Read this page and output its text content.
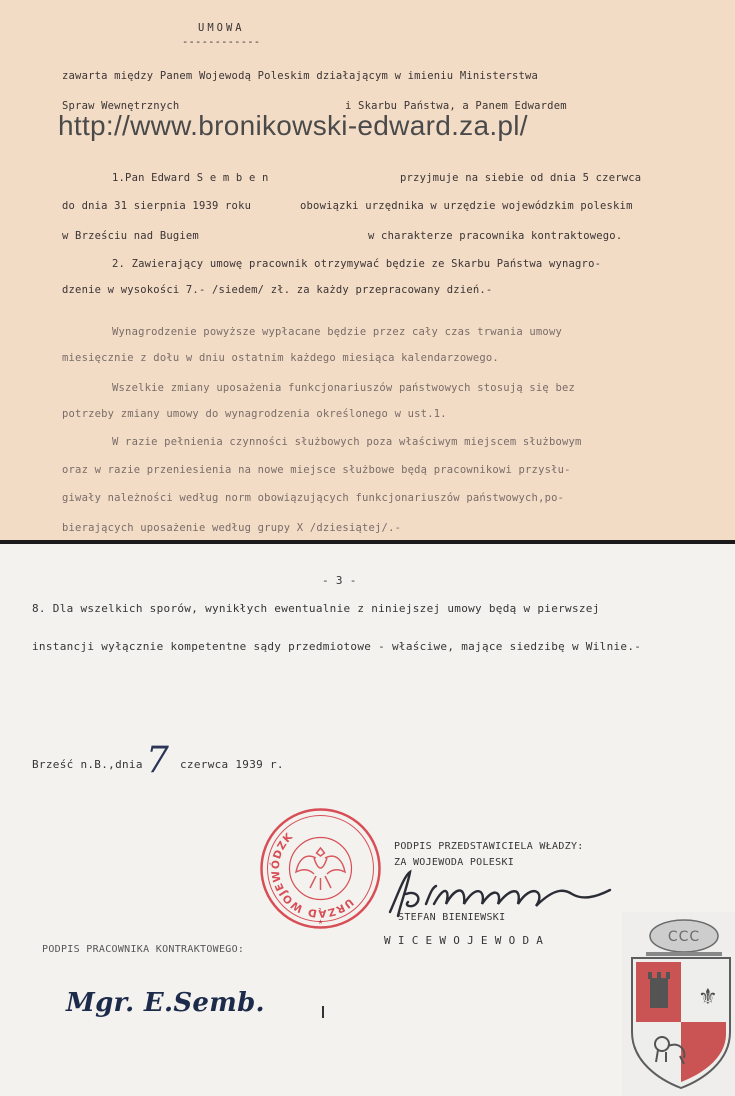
UMOWA
------------
zawarta między Panem Wojewodą Poleskim działającym w imieniu Ministerstwa
Spraw Wewnętrznych	i Skarbu Państwa, a Panem Edwardem
http://www.bronikowski-edward.za.pl/
1.Pan Edward S e m b e n	przyjmuje na siebie od dnia 5 czerwca
do dnia 31 sierpnia 1939 roku	obowiązki urzędnika w urzędzie wojewódzkim poleskim
w Brześciu nad Bugiem	w charakterze pracownika kontraktowego.
2. Zawierający umowę pracownik otrzymywać będzie ze Skarbu Państwa wynagro-
dzenie w wysokości 7.- /siedem/ zł. za każdy przepracowany dzień.-
Wynagrodzenie powyższe wypłacane będzie przez cały czas trwania umowy
miesięcznie z dołu w dniu ostatnim każdego miesiąca kalendarzowego.
Wszelkie zmiany uposażenia funkcjonariuszów państwowych stosują się bez
potrzeby zmiany umowy do wynagrodzenia określonego w ust.1.
W razie pełnienia czynności służbowych poza właściwym miejscem służbowym
oraz w razie przeniesienia na nowe miejsce służbowe będą pracownikowi przysłu-
giwały należności według norm obowiązujących funkcjonariuszów państwowych,po-
bierających uposażenie według grupy X /dziesiątej/.-
- 3 -
8. Dla wszelkich sporów, wynikłych ewentualnie z niniejszej umowy będą w pierwszej
instancji wyłącznie kompetentne sądy przedmiotowe - właściwe, mające siedzibę w Wilnie.-
Brześć n.B.,dnia 7 czerwca 1939 r.
URZĄD WOJEWÓDZKI
★
PODPIS PRZEDSTAWICIELA WŁADZY:
ZA WOJEWODA POLESKI
STEFAN BIENIEWSKI
W I C E W O J E W O D A
PODPIS PRACOWNIKA KONTRAKTOWEGO:
Mgr. E.Semb.
CCC
⚜
